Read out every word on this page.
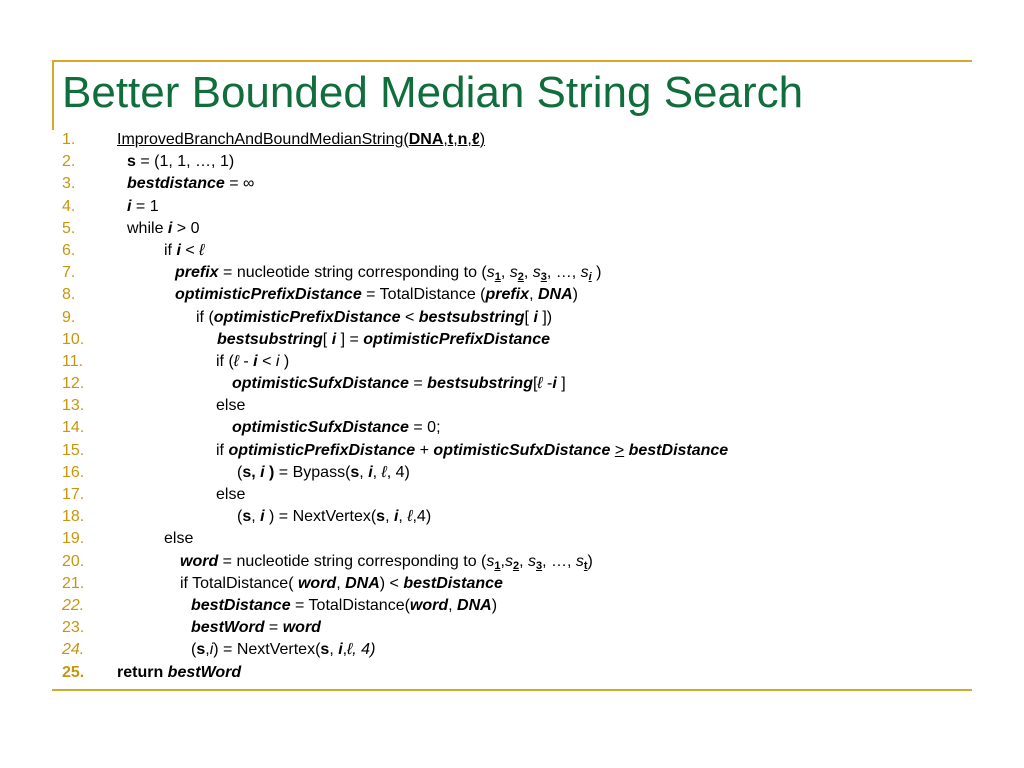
Better Bounded Median String Search
1.	ImprovedBranchAndBoundMedianString(DNA,t,n,ℓ)
2.	s = (1, 1, …, 1)
3.	bestdistance = ∞
4.	i = 1
5.	while i > 0
6.	if i < ℓ
7.	prefix = nucleotide string corresponding to ($s_1$, $s_2$, $s_3$, …, $s_i$ )
8.	optimisticPrefixDistance = TotalDistance (prefix, DNA)
9.	if (optimisticPrefixDistance < bestsubstring[ i ])
10.	bestsubstring[ i ] = optimisticPrefixDistance
11.	if (ℓ - i < i )
12.	optimisticSufxDistance = bestsubstring[ℓ -i ]
13.	else
14.	optimisticSufxDistance = 0;
15.	if optimisticPrefixDistance + optimisticSufxDistance > bestDistance
16.	(s, i ) = Bypass(s, i, ℓ, 4)
17.	else
18.	(s, i ) = NextVertex(s, i, ℓ,4)
19.	else
20.	word = nucleotide string corresponding to ($s_1,s_2$, $s_3$, …, $s_t$)
21.	if TotalDistance( word, DNA) < bestDistance
22.	bestDistance = TotalDistance(word, DNA)
23.	bestWord = word
24.	(s,i) = NextVertex(s, i,ℓ, 4)
25. return bestWord
